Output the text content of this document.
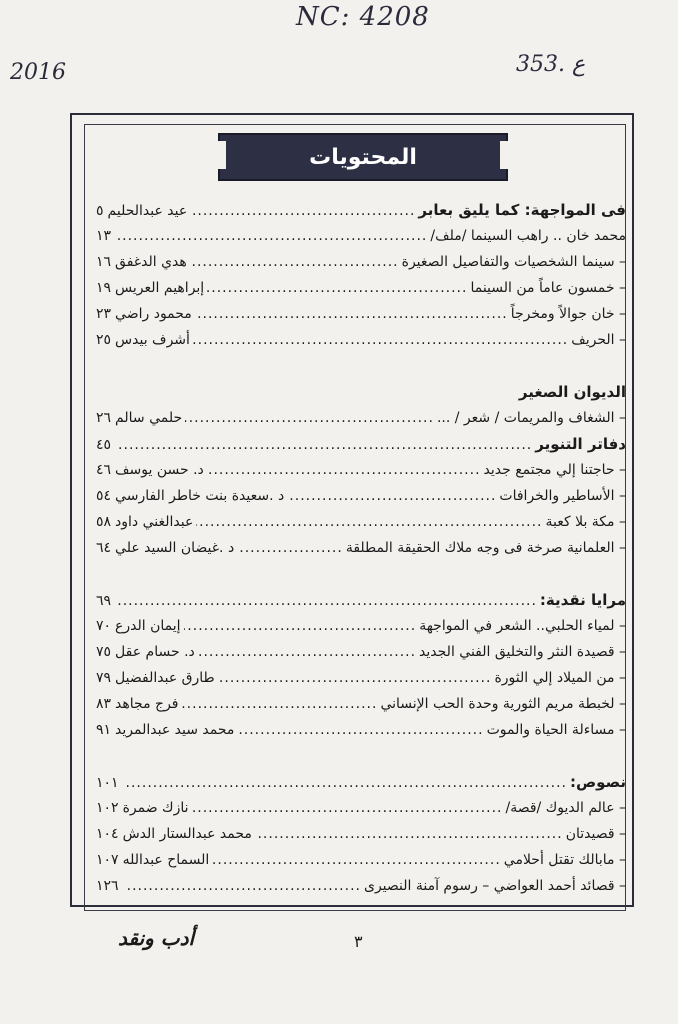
NC: 4208
2016	353. ع
المحتويات
فى المواجهة: كما يليق بعابر
.....
عيد عبدالحليم
٥
محمد خان .. راهب السينما /ملف/
.....
١٣
– سينما الشخصيات والتفاصيل الصغيرة
.....
هدي الدغفق
١٦
– خمسون عاماً من السينما
.....
إبراهيم العريس
١٩
– خان جوالاً ومخرجاً
.....
محمود راضي
٢٣
– الحريف
.....
أشرف بيدس
٢٥
الديوان الصغير
– الشغاف والمريمات / شعر / ...
.....
حلمي سالم
٢٦
دفاتر التنوير
.....
٤٥
– حاجتنا إلي مجتمع جديد
.....
د. حسن يوسف
٤٦
– الأساطير والخرافات
.....
د .سعيدة بنت خاطر الفارسي
٥٤
– مكة بلا كعبة
.....
عبدالغني داود
٥٨
– العلمانية صرخة فى وجه ملاك الحقيقة المطلقة
.....
د .غيضان السيد علي
٦٤
مرايا نقدية:
.....
٦٩
– لمياء الحلبي.. الشعر في المواجهة
.....
إيمان الدرع
٧٠
– قصيدة النثر والتخليق الفني الجديد
.....
د. حسام عقل
٧٥
– من الميلاد إلي الثورة
.....
طارق عبدالفضيل
٧٩
– لخبطة مريم الثورية وحدة الحب الإنساني
.....
فرج مجاهد
٨٣
– مساءلة الحياة والموت
.....
محمد سيد عبدالمريد
٩١
نصوص:
.....
١٠١
– عالم الديوك /قصة/
.....
نازك ضمرة
١٠٢
– قصيدتان
.....
محمد عبدالستار الدش
١٠٤
– مابالك تقتل أحلامي
.....
السماح عبدالله
١٠٧
– قصائد أحمد العواضي – رسوم آمنة النصيرى
.....
١٢٦
أدب ونقد	٣
